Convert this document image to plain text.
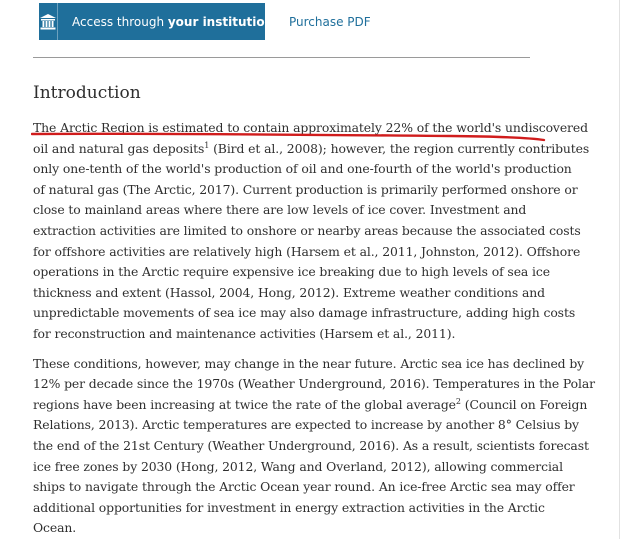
Access through your institution Purchase PDF
Introduction
The Arctic Region is estimated to contain approximately 22% of the world's undiscovered
oil and natural gas deposits$^1$ (Bird et al., 2008); however, the region currently contributes
only one-tenth of the world's production of oil and one-fourth of the world's production
of natural gas (The Arctic, 2017). Current production is primarily performed onshore or
close to mainland areas where there are low levels of ice cover. Investment and
extraction activities are limited to onshore or nearby areas because the associated costs
for offshore activities are relatively high (Harsem et al., 2011, Johnston, 2012). Offshore
operations in the Arctic require expensive ice breaking due to high levels of sea ice
thickness and extent (Hassol, 2004, Hong, 2012). Extreme weather conditions and
unpredictable movements of sea ice may also damage infrastructure, adding high costs
for reconstruction and maintenance activities (Harsem et al., 2011).
These conditions, however, may change in the near future. Arctic sea ice has declined by
12% per decade since the 1970s (Weather Underground, 2016). Temperatures in the Polar
regions have been increasing at twice the rate of the global average$^2$ (Council on Foreign
Relations, 2013). Arctic temperatures are expected to increase by another 8° Celsius by
the end of the 21st Century (Weather Underground, 2016). As a result, scientists forecast
ice free zones by 2030 (Hong, 2012, Wang and Overland, 2012), allowing commercial
ships to navigate through the Arctic Ocean year round. An ice-free Arctic sea may offer
additional opportunities for investment in energy extraction activities in the Arctic
Ocean.
